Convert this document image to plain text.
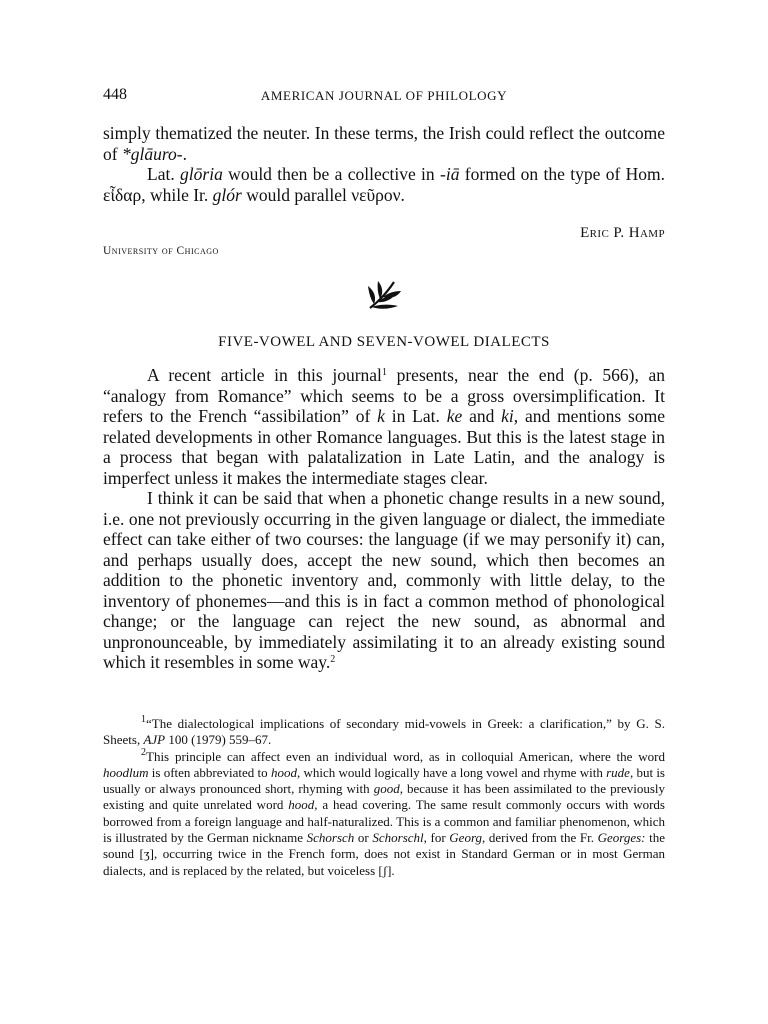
448	AMERICAN JOURNAL OF PHILOLOGY

simply thematized the neuter. In these terms, the Irish could reflect the outcome of *glāuro-.

Lat. glōria would then be a collective in -iā formed on the type of Hom. εἶδαρ, while Ir. glór would parallel νεῦρον.

Eric P. Hamp
University of Chicago
FIVE-VOWEL AND SEVEN-VOWEL DIALECTS

A recent article in this journal$^1$ presents, near the end (p. 566), an “analogy from Romance” which seems to be a gross oversimplification. It refers to the French “assibilation” of k in Lat. ke and ki, and mentions some related developments in other Romance languages. But this is the latest stage in a process that began with palatalization in Late Latin, and the analogy is imperfect unless it makes the intermediate stages clear.

I think it can be said that when a phonetic change results in a new sound, i.e. one not previously occurring in the given language or dialect, the immediate effect can take either of two courses: the language (if we may personify it) can, and perhaps usually does, accept the new sound, which then becomes an addition to the phonetic inventory and, commonly with little delay, to the inventory of phonemes—and this is in fact a common method of phonological change; or the language can reject the new sound, as abnormal and unpronounceable, by immediately assimilating it to an already existing sound which it resembles in some way.$^2$

$^1$“The dialectological implications of secondary mid-vowels in Greek: a clarification,” by G. S. Sheets, AJP 100 (1979) 559–67.

$^2$This principle can affect even an individual word, as in colloquial American, where the word hoodlum is often abbreviated to hood, which would logically have a long vowel and rhyme with rude, but is usually or always pronounced short, rhyming with good, because it has been assimilated to the previously existing and quite unrelated word hood, a head covering. The same result commonly occurs with words borrowed from a foreign language and half-naturalized. This is a common and familiar phenomenon, which is illustrated by the German nickname Schorsch or Schorschl, for Georg, derived from the Fr. Georges: the sound [ʒ], occurring twice in the French form, does not exist in Standard German or in most German dialects, and is replaced by the related, but voiceless [ʃ].
